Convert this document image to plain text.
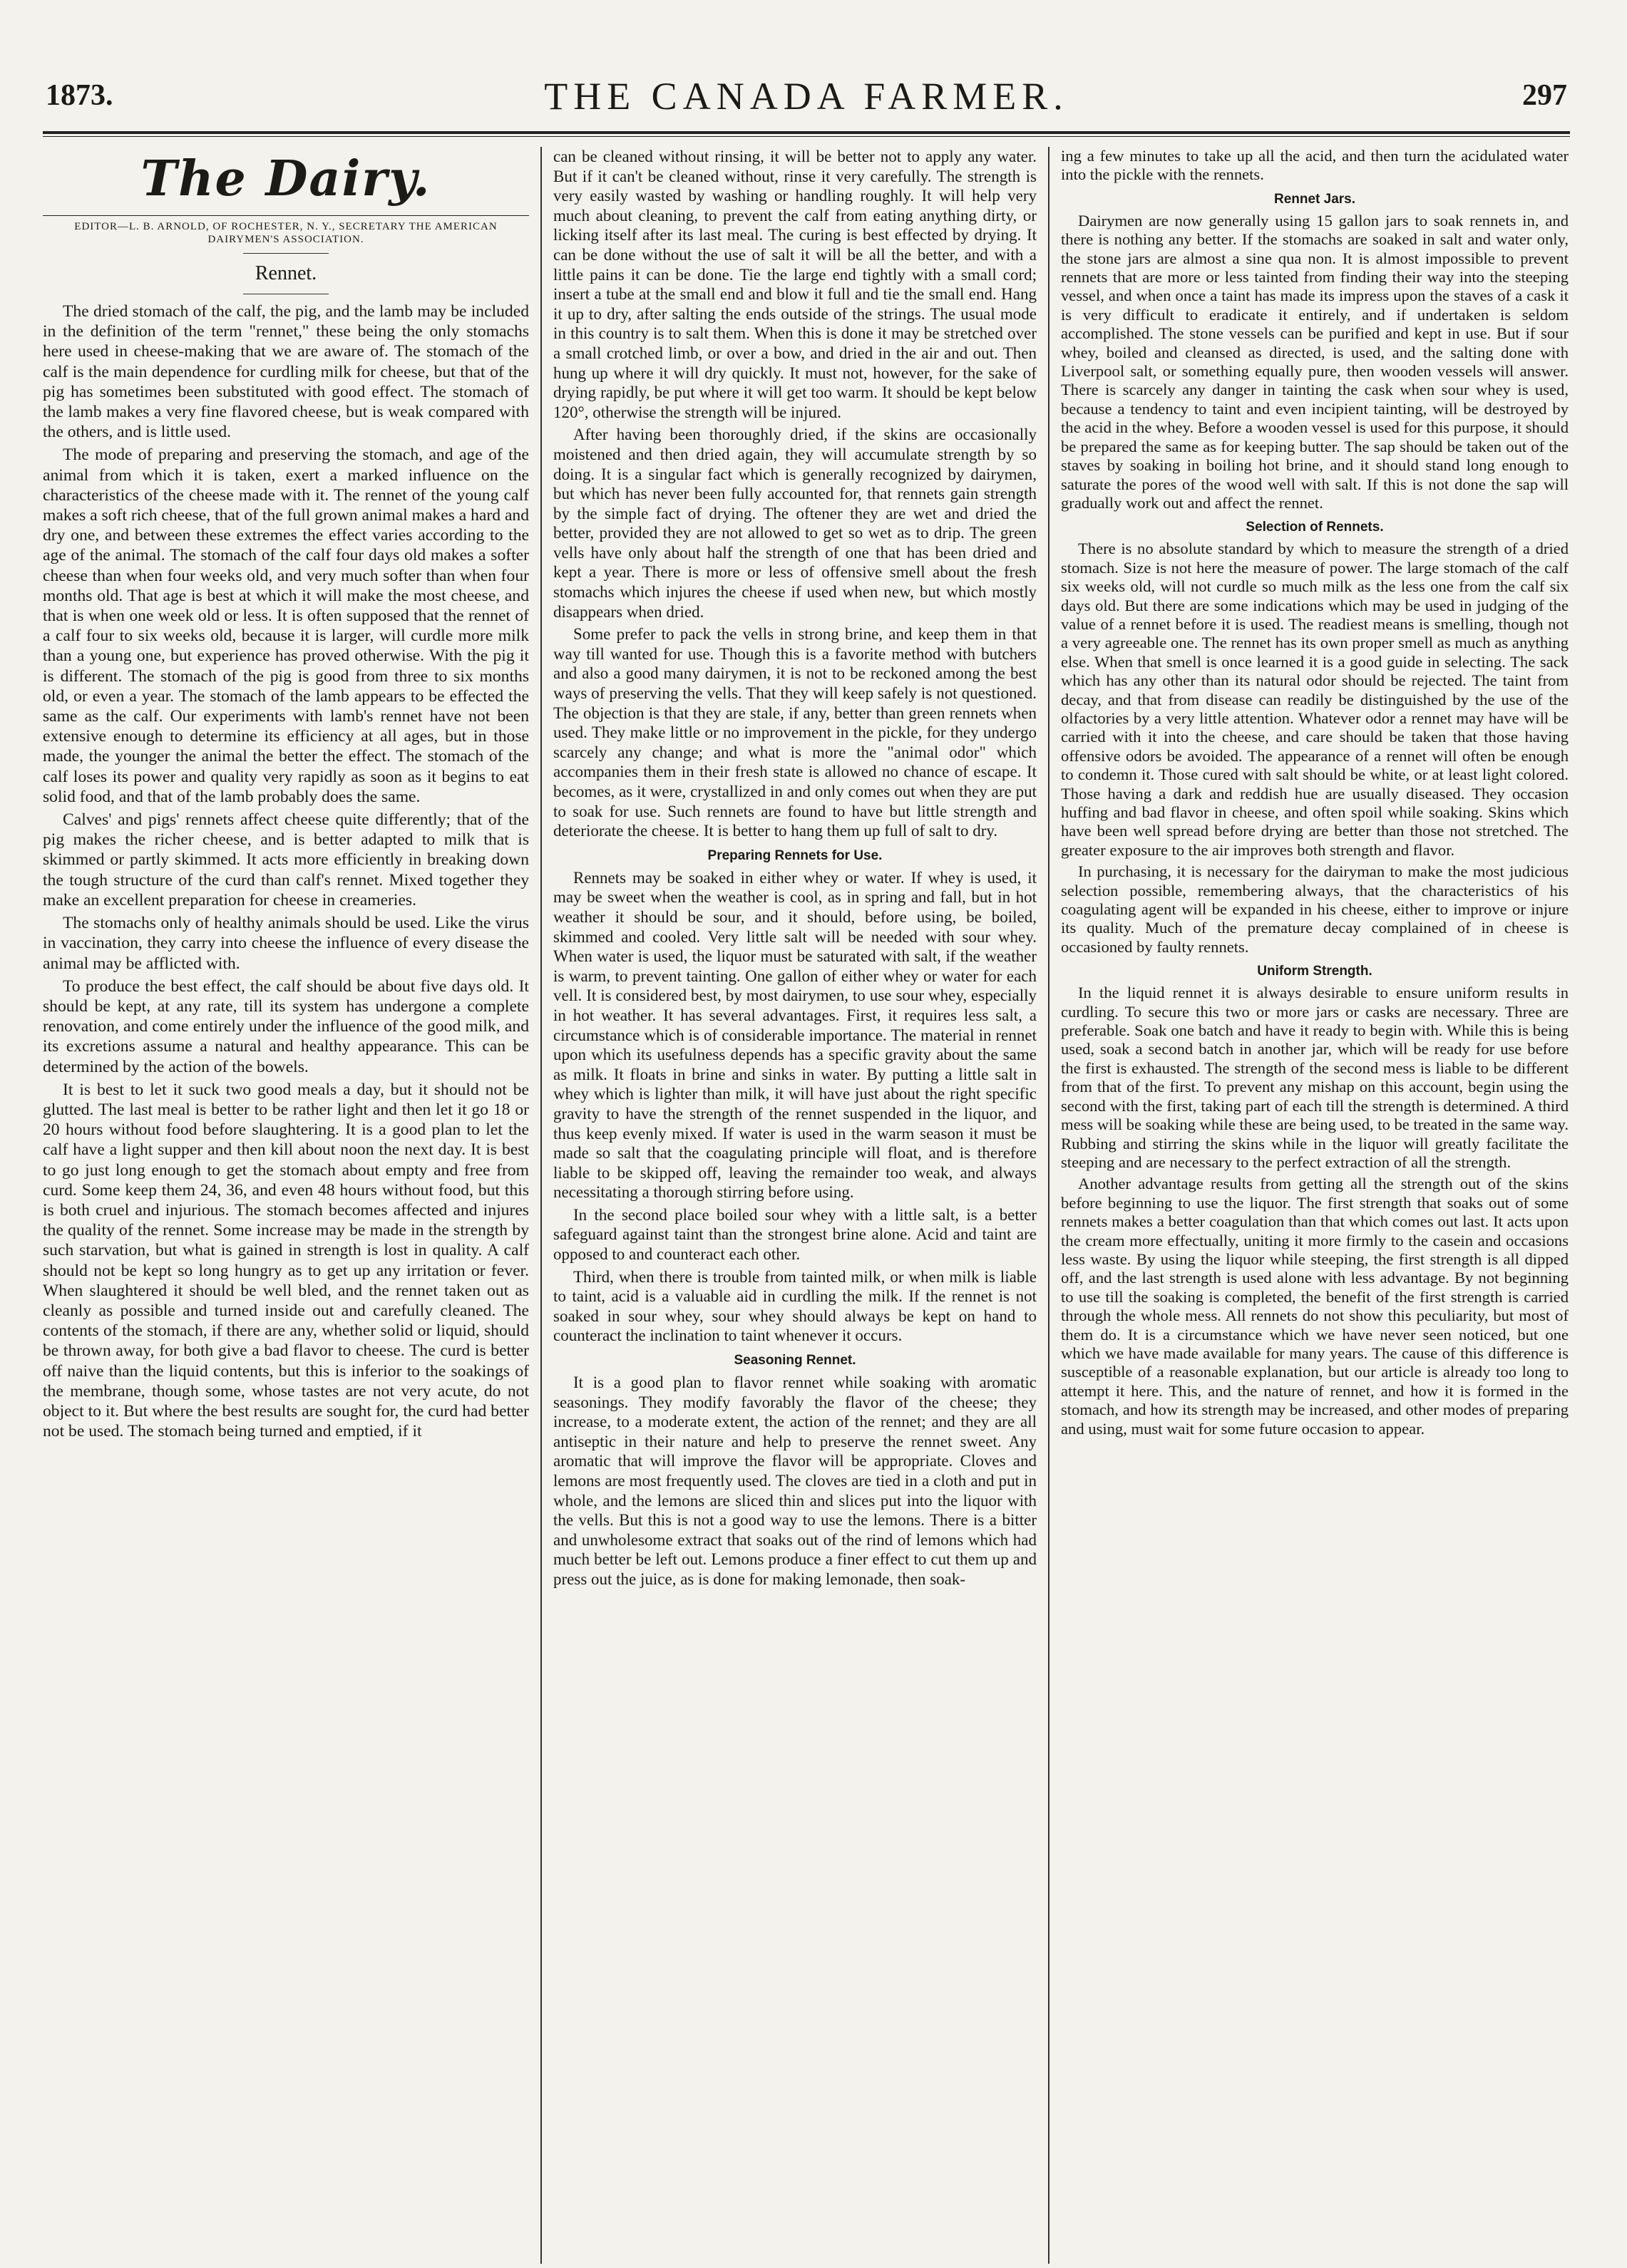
1873.	THE CANADA FARMER.	297
The Dairy.
EDITOR—L. B. ARNOLD, OF ROCHESTER, N. Y., SECRETARY THE AMERICAN DAIRYMEN'S ASSOCIATION.
Rennet.

The dried stomach of the calf, the pig, and the lamb may be included in the definition of the term "rennet," these being the only stomachs here used in cheese-making that we are aware of. The stomach of the calf is the main dependence for curdling milk for cheese, but that of the pig has sometimes been substituted with good effect. The stomach of the lamb makes a very fine flavored cheese, but is weak compared with the others, and is little used.

The mode of preparing and preserving the stomach, and age of the animal from which it is taken, exert a marked influence on the characteristics of the cheese made with it. The rennet of the young calf makes a soft rich cheese, that of the full grown animal makes a hard and dry one, and between these extremes the effect varies according to the age of the animal. The stomach of the calf four days old makes a softer cheese than when four weeks old, and very much softer than when four months old. That age is best at which it will make the most cheese, and that is when one week old or less. It is often supposed that the rennet of a calf four to six weeks old, because it is larger, will curdle more milk than a young one, but experience has proved otherwise. With the pig it is different. The stomach of the pig is good from three to six months old, or even a year. The stomach of the lamb appears to be effected the same as the calf. Our experiments with lamb's rennet have not been extensive enough to determine its efficiency at all ages, but in those made, the younger the animal the better the effect. The stomach of the calf loses its power and quality very rapidly as soon as it begins to eat solid food, and that of the lamb probably does the same.

Calves' and pigs' rennets affect cheese quite differently; that of the pig makes the richer cheese, and is better adapted to milk that is skimmed or partly skimmed. It acts more efficiently in breaking down the tough structure of the curd than calf's rennet. Mixed together they make an excellent preparation for cheese in creameries.

The stomachs only of healthy animals should be used. Like the virus in vaccination, they carry into cheese the influence of every disease the animal may be afflicted with.

To produce the best effect, the calf should be about five days old. It should be kept, at any rate, till its system has undergone a complete renovation, and come entirely under the influence of the good milk, and its excretions assume a natural and healthy appearance. This can be determined by the action of the bowels.

It is best to let it suck two good meals a day, but it should not be glutted. The last meal is better to be rather light and then let it go 18 or 20 hours without food before slaughtering. It is a good plan to let the calf have a light supper and then kill about noon the next day. It is best to go just long enough to get the stomach about empty and free from curd. Some keep them 24, 36, and even 48 hours without food, but this is both cruel and injurious. The stomach becomes affected and injures the quality of the rennet. Some increase may be made in the strength by such starvation, but what is gained in strength is lost in quality. A calf should not be kept so long hungry as to get up any irritation or fever. When slaughtered it should be well bled, and the rennet taken out as cleanly as possible and turned inside out and carefully cleaned. The contents of the stomach, if there are any, whether solid or liquid, should be thrown away, for both give a bad flavor to cheese. The curd is better off naive than the liquid contents, but this is inferior to the soakings of the membrane, though some, whose tastes are not very acute, do not object to it. But where the best results are sought for, the curd had better not be used. The stomach being turned and emptied, if it

can be cleaned without rinsing, it will be better not to apply any water. But if it can't be cleaned without, rinse it very carefully. The strength is very easily wasted by washing or handling roughly. It will help very much about cleaning, to prevent the calf from eating anything dirty, or licking itself after its last meal. The curing is best effected by drying. It can be done without the use of salt it will be all the better, and with a little pains it can be done. Tie the large end tightly with a small cord; insert a tube at the small end and blow it full and tie the small end. Hang it up to dry, after salting the ends outside of the strings. The usual mode in this country is to salt them. When this is done it may be stretched over a small crotched limb, or over a bow, and dried in the air and out. Then hung up where it will dry quickly. It must not, however, for the sake of drying rapidly, be put where it will get too warm. It should be kept below 120°, otherwise the strength will be injured.

After having been thoroughly dried, if the skins are occasionally moistened and then dried again, they will accumulate strength by so doing. It is a singular fact which is generally recognized by dairymen, but which has never been fully accounted for, that rennets gain strength by the simple fact of drying. The oftener they are wet and dried the better, provided they are not allowed to get so wet as to drip. The green vells have only about half the strength of one that has been dried and kept a year. There is more or less of offensive smell about the fresh stomachs which injures the cheese if used when new, but which mostly disappears when dried.

Some prefer to pack the vells in strong brine, and keep them in that way till wanted for use. Though this is a favorite method with butchers and also a good many dairymen, it is not to be reckoned among the best ways of preserving the vells. That they will keep safely is not questioned. The objection is that they are stale, if any, better than green rennets when used. They make little or no improvement in the pickle, for they undergo scarcely any change; and what is more the "animal odor" which accompanies them in their fresh state is allowed no chance of escape. It becomes, as it were, crystallized in and only comes out when they are put to soak for use. Such rennets are found to have but little strength and deteriorate the cheese. It is better to hang them up full of salt to dry.

Preparing Rennets for Use.

Rennets may be soaked in either whey or water. If whey is used, it may be sweet when the weather is cool, as in spring and fall, but in hot weather it should be sour, and it should, before using, be boiled, skimmed and cooled. Very little salt will be needed with sour whey. When water is used, the liquor must be saturated with salt, if the weather is warm, to prevent tainting. One gallon of either whey or water for each vell. It is considered best, by most dairymen, to use sour whey, especially in hot weather. It has several advantages. First, it requires less salt, a circumstance which is of considerable importance. The material in rennet upon which its usefulness depends has a specific gravity about the same as milk. It floats in brine and sinks in water. By putting a little salt in whey which is lighter than milk, it will have just about the right specific gravity to have the strength of the rennet suspended in the liquor, and thus keep evenly mixed. If water is used in the warm season it must be made so salt that the coagulating principle will float, and is therefore liable to be skipped off, leaving the remainder too weak, and always necessitating a thorough stirring before using.

In the second place boiled sour whey with a little salt, is a better safeguard against taint than the strongest brine alone. Acid and taint are opposed to and counteract each other.

Third, when there is trouble from tainted milk, or when milk is liable to taint, acid is a valuable aid in curdling the milk. If the rennet is not soaked in sour whey, sour whey should always be kept on hand to counteract the inclination to taint whenever it occurs.

Seasoning Rennet.

It is a good plan to flavor rennet while soaking with aromatic seasonings. They modify favorably the flavor of the cheese; they increase, to a moderate extent, the action of the rennet; and they are all antiseptic in their nature and help to preserve the rennet sweet. Any aromatic that will improve the flavor will be appropriate. Cloves and lemons are most frequently used. The cloves are tied in a cloth and put in whole, and the lemons are sliced thin and slices put into the liquor with the vells. But this is not a good way to use the lemons. There is a bitter and unwholesome extract that soaks out of the rind of lemons which had much better be left out. Lemons produce a finer effect to cut them up and press out the juice, as is done for making lemonade, then soak-

ing a few minutes to take up all the acid, and then turn the acidulated water into the pickle with the rennets.

Rennet Jars.

Dairymen are now generally using 15 gallon jars to soak rennets in, and there is nothing any better. If the stomachs are soaked in salt and water only, the stone jars are almost a sine qua non. It is almost impossible to prevent rennets that are more or less tainted from finding their way into the steeping vessel, and when once a taint has made its impress upon the staves of a cask it is very difficult to eradicate it entirely, and if undertaken is seldom accomplished. The stone vessels can be purified and kept in use. But if sour whey, boiled and cleansed as directed, is used, and the salting done with Liverpool salt, or something equally pure, then wooden vessels will answer. There is scarcely any danger in tainting the cask when sour whey is used, because a tendency to taint and even incipient tainting, will be destroyed by the acid in the whey. Before a wooden vessel is used for this purpose, it should be prepared the same as for keeping butter. The sap should be taken out of the staves by soaking in boiling hot brine, and it should stand long enough to saturate the pores of the wood well with salt. If this is not done the sap will gradually work out and affect the rennet.

Selection of Rennets.

There is no absolute standard by which to measure the strength of a dried stomach. Size is not here the measure of power. The large stomach of the calf six weeks old, will not curdle so much milk as the less one from the calf six days old. But there are some indications which may be used in judging of the value of a rennet before it is used. The readiest means is smelling, though not a very agreeable one. The rennet has its own proper smell as much as anything else. When that smell is once learned it is a good guide in selecting. The sack which has any other than its natural odor should be rejected. The taint from decay, and that from disease can readily be distinguished by the use of the olfactories by a very little attention. Whatever odor a rennet may have will be carried with it into the cheese, and care should be taken that those having offensive odors be avoided. The appearance of a rennet will often be enough to condemn it. Those cured with salt should be white, or at least light colored. Those having a dark and reddish hue are usually diseased. They occasion huffing and bad flavor in cheese, and often spoil while soaking. Skins which have been well spread before drying are better than those not stretched. The greater exposure to the air improves both strength and flavor.

In purchasing, it is necessary for the dairyman to make the most judicious selection possible, remembering always, that the characteristics of his coagulating agent will be expanded in his cheese, either to improve or injure its quality. Much of the premature decay complained of in cheese is occasioned by faulty rennets.

Uniform Strength.

In the liquid rennet it is always desirable to ensure uniform results in curdling. To secure this two or more jars or casks are necessary. Three are preferable. Soak one batch and have it ready to begin with. While this is being used, soak a second batch in another jar, which will be ready for use before the first is exhausted. The strength of the second mess is liable to be different from that of the first. To prevent any mishap on this account, begin using the second with the first, taking part of each till the strength is determined. A third mess will be soaking while these are being used, to be treated in the same way. Rubbing and stirring the skins while in the liquor will greatly facilitate the steeping and are necessary to the perfect extraction of all the strength.

Another advantage results from getting all the strength out of the skins before beginning to use the liquor. The first strength that soaks out of some rennets makes a better coagulation than that which comes out last. It acts upon the cream more effectually, uniting it more firmly to the casein and occasions less waste. By using the liquor while steeping, the first strength is all dipped off, and the last strength is used alone with less advantage. By not beginning to use till the soaking is completed, the benefit of the first strength is carried through the whole mess. All rennets do not show this peculiarity, but most of them do. It is a circumstance which we have never seen noticed, but one which we have made available for many years. The cause of this difference is susceptible of a reasonable explanation, but our article is already too long to attempt it here. This, and the nature of rennet, and how it is formed in the stomach, and how its strength may be increased, and other modes of preparing and using, must wait for some future occasion to appear.
